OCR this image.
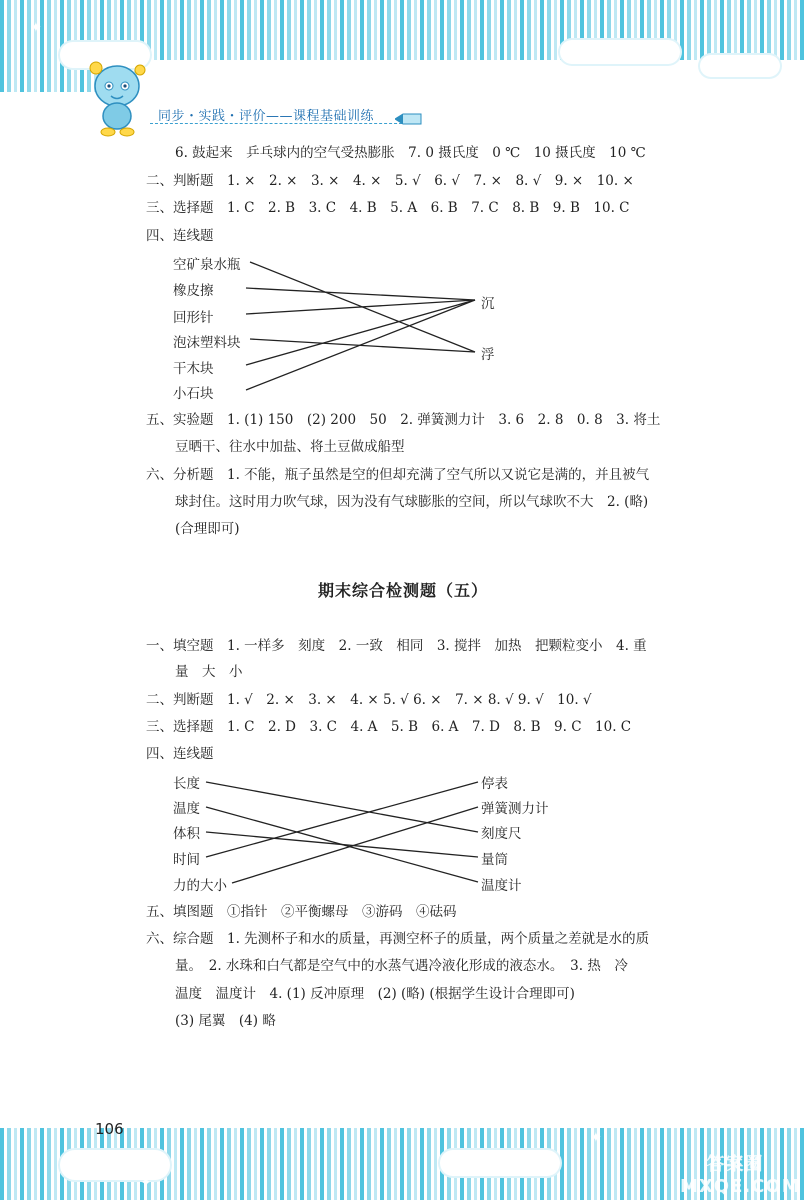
✦
✦
✦
同步・实践・评价——课程基础训练
6. 鼓起来　乒乓球内的空气受热膨胀　7. 0 摄氏度　0 ℃　10 摄氏度　10 ℃
二、判断题　1. ×　2. ×　3. ×　4. ×　5. √　6. √　7. ×　8. √　9. ×　10. ×
三、选择题　1. C　2. B　3. C　4. B　5. A　6. B　7. C　8. B　9. B　10. C
四、连线题
空矿泉水瓶
橡皮擦
回形针
泡沫塑料块
干木块
小石块
沉
浮
五、实验题　1. (1) 150　(2) 200　50　2. 弹簧测力计　3. 6　2. 8　0. 8　3. 将土
豆晒干、往水中加盐、将土豆做成船型
六、分析题　1. 不能，瓶子虽然是空的但却充满了空气所以又说它是满的，并且被气
球封住。这时用力吹气球，因为没有气球膨胀的空间，所以气球吹不大　2. (略)
(合理即可)
期末综合检测题（五）
一、填空题　1. 一样多　刻度　2. 一致　相同　3. 搅拌　加热　把颗粒变小　4. 重
量　大　小
二、判断题　1. √　2. ×　3. ×　4. × 5. √ 6. ×　7. × 8. √ 9. √　10. √
三、选择题　1. C　2. D　3. C　4. A　5. B　6. A　7. D　8. B　9. C　10. C
四、连线题
长度
温度
体积
时间
力的大小
停表
弹簧测力计
刻度尺
量筒
温度计
五、填图题　①指针　②平衡螺母　③游码　④砝码
六、综合题　1. 先测杯子和水的质量，再测空杯子的质量，两个质量之差就是水的质
量。　2. 水珠和白气都是空气中的水蒸气遇冷液化形成的液态水。　3. 热　冷
温度　温度计　4. (1) 反冲原理　(2) (略) (根据学生设计合理即可)
(3) 尾翼　(4) 略
106
答案圈 MXQE.COM
